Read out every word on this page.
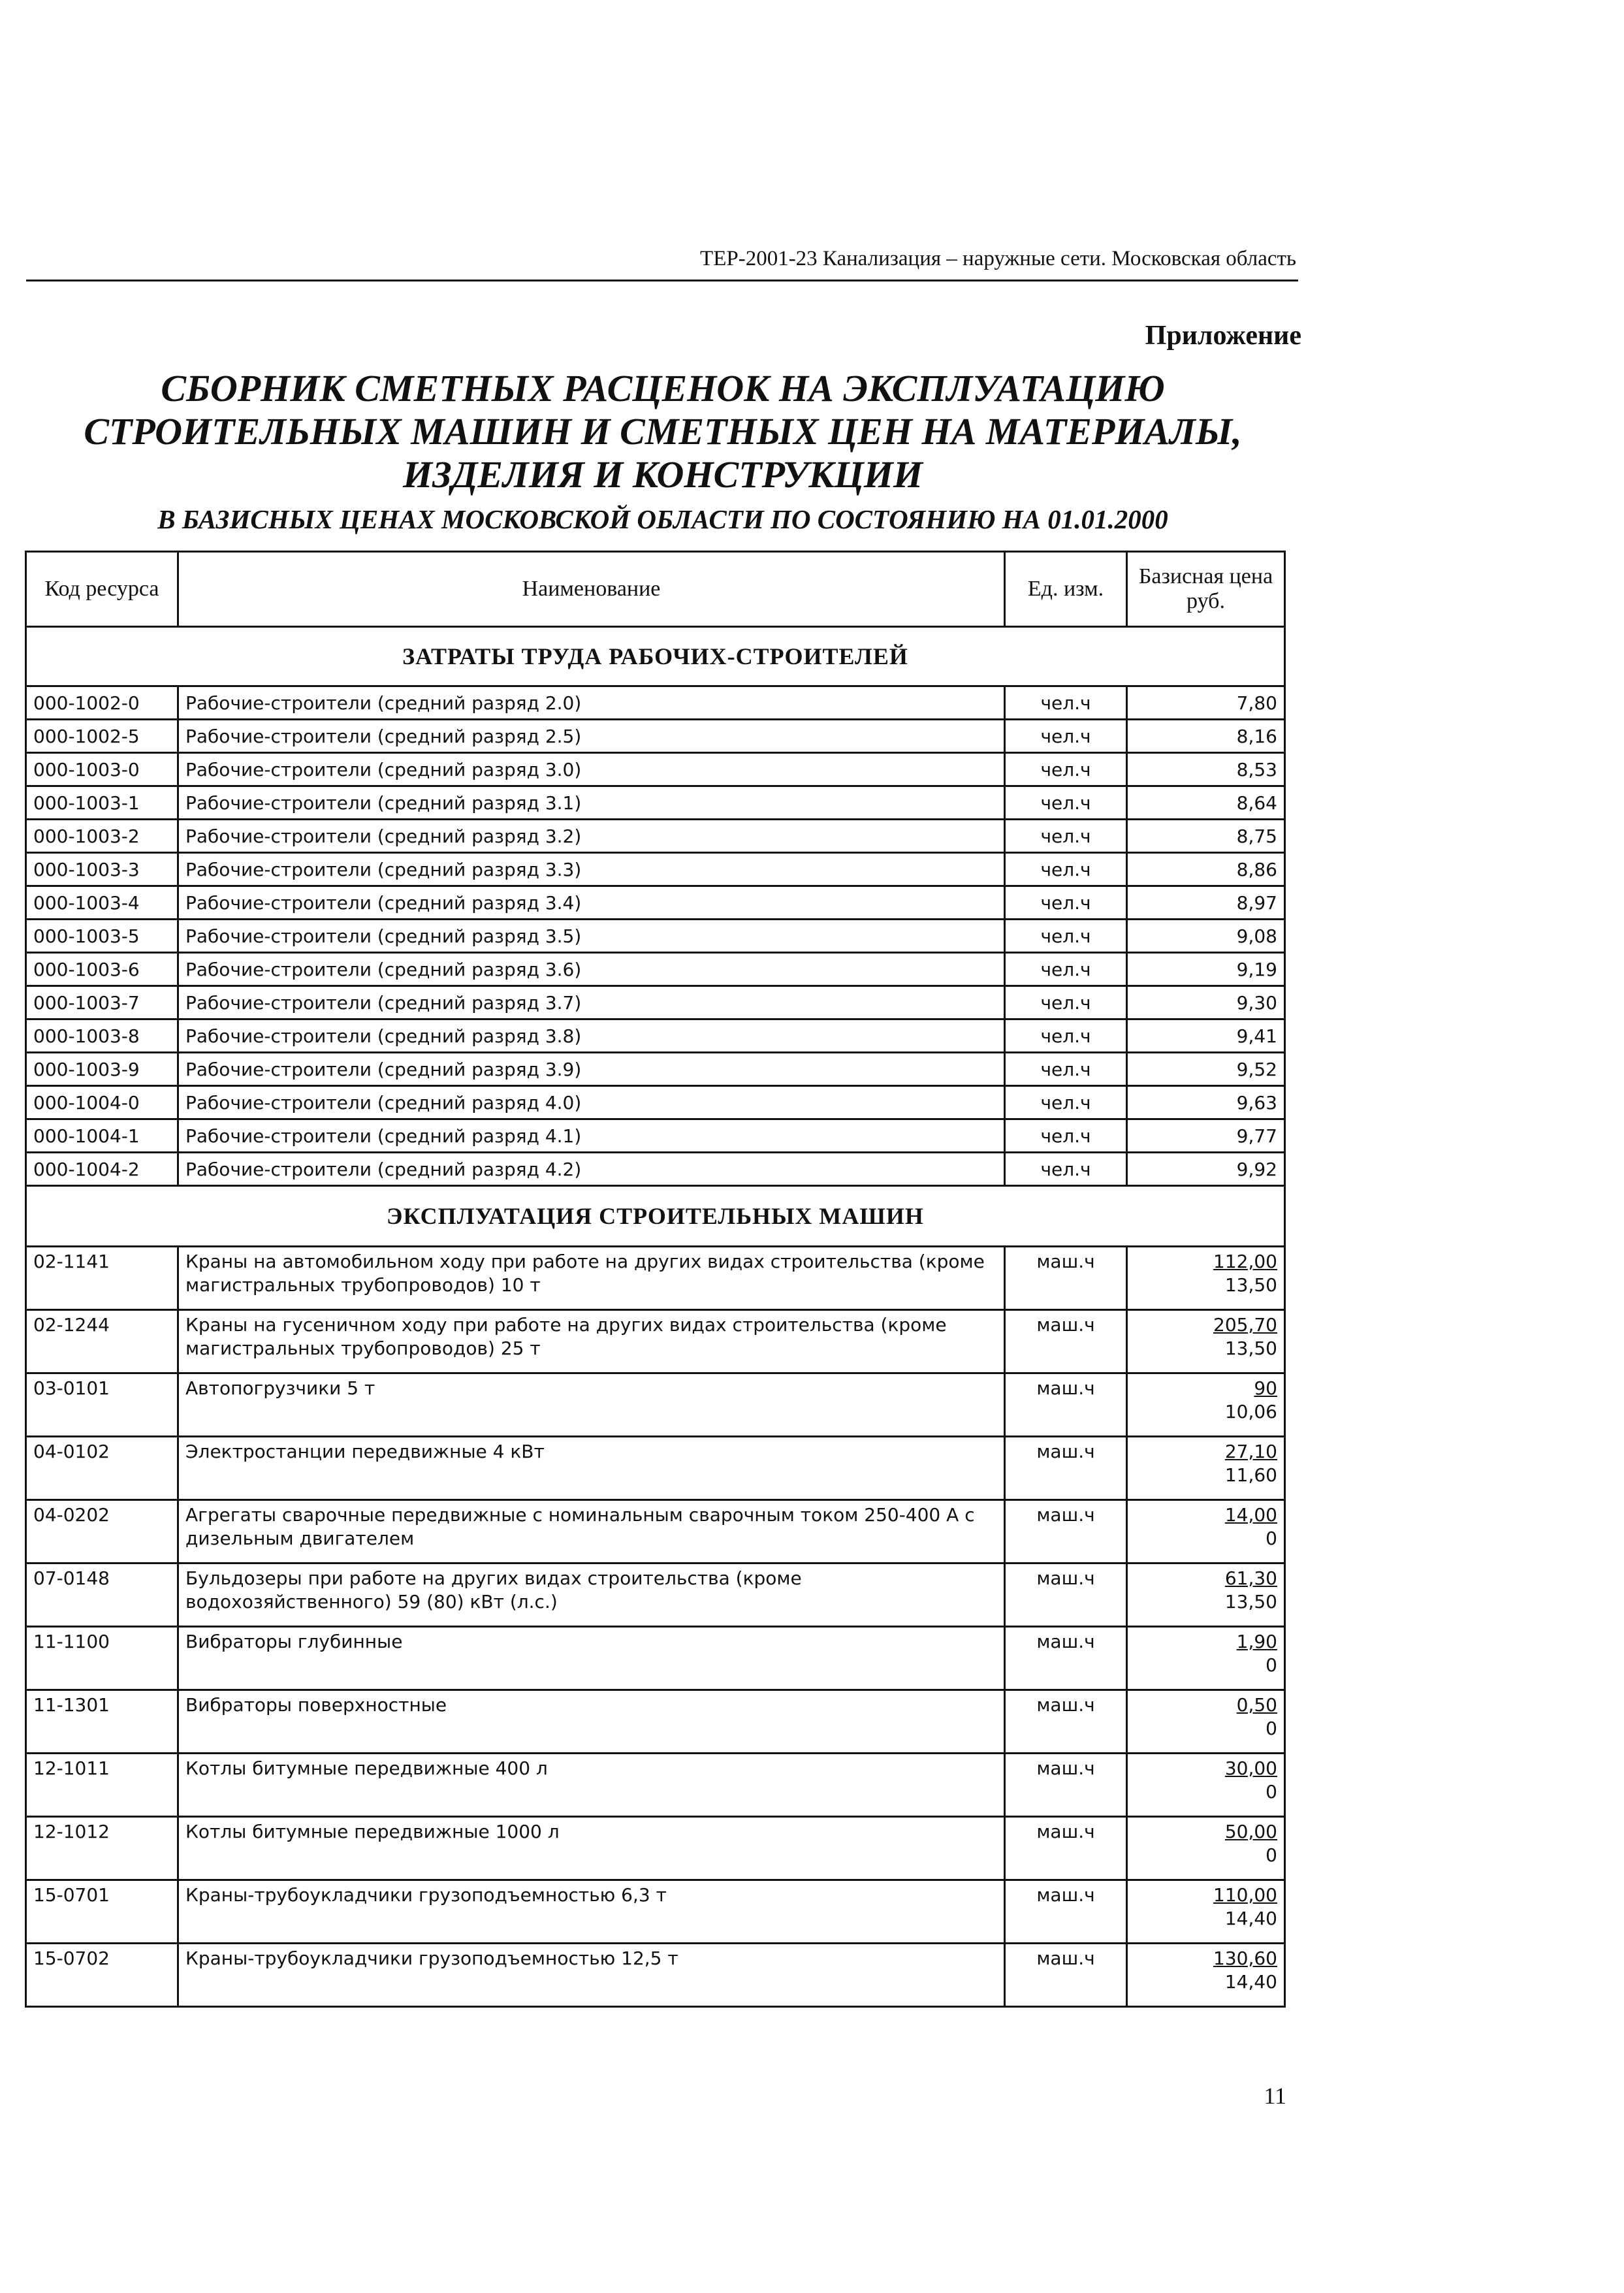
ТЕР-2001-23 Канализация – наружные сети. Московская область
Приложение
СБОРНИК СМЕТНЫХ РАСЦЕНОК НА ЭКСПЛУАТАЦИЮ
СТРОИТЕЛЬНЫХ МАШИН И СМЕТНЫХ ЦЕН НА МАТЕРИАЛЫ,
ИЗДЕЛИЯ И КОНСТРУКЦИИ
В БАЗИСНЫХ ЦЕНАХ МОСКОВСКОЙ ОБЛАСТИ ПО СОСТОЯНИЮ НА 01.01.2000
Код ресурса	Наименование	Ед. изм.	Базисная цена руб.
ЗАТРАТЫ ТРУДА РАБОЧИХ-СТРОИТЕЛЕЙ			
000-1002-0	Рабочие-строители (средний разряд 2.0)	чел.ч	7,80
000-1002-5	Рабочие-строители (средний разряд 2.5)	чел.ч	8,16
000-1003-0	Рабочие-строители (средний разряд 3.0)	чел.ч	8,53
000-1003-1	Рабочие-строители (средний разряд 3.1)	чел.ч	8,64
000-1003-2	Рабочие-строители (средний разряд 3.2)	чел.ч	8,75
000-1003-3	Рабочие-строители (средний разряд 3.3)	чел.ч	8,86
000-1003-4	Рабочие-строители (средний разряд 3.4)	чел.ч	8,97
000-1003-5	Рабочие-строители (средний разряд 3.5)	чел.ч	9,08
000-1003-6	Рабочие-строители (средний разряд 3.6)	чел.ч	9,19
000-1003-7	Рабочие-строители (средний разряд 3.7)	чел.ч	9,30
000-1003-8	Рабочие-строители (средний разряд 3.8)	чел.ч	9,41
000-1003-9	Рабочие-строители (средний разряд 3.9)	чел.ч	9,52
000-1004-0	Рабочие-строители (средний разряд 4.0)	чел.ч	9,63
000-1004-1	Рабочие-строители (средний разряд 4.1)	чел.ч	9,77
000-1004-2	Рабочие-строители (средний разряд 4.2)	чел.ч	9,92
ЭКСПЛУАТАЦИЯ СТРОИТЕЛЬНЫХ МАШИН			
02-1141	Краны на автомобильном ходу при работе на других видах строительства (кроме магистральных трубопроводов) 10 т	маш.ч	112,00
13,50

02-1244	Краны на гусеничном ходу при работе на других видах строительства (кроме магистральных трубопроводов) 25 т	маш.ч	205,70
13,50

03-0101	Автопогрузчики 5 т	маш.ч	90
10,06

04-0102	Электростанции передвижные 4 кВт	маш.ч	27,10
11,60

04-0202	Агрегаты сварочные передвижные с номинальным сварочным током 250-400 А с дизельным двигателем	маш.ч	14,00
0

07-0148	Бульдозеры при работе на других видах строительства (кроме водохозяйственного) 59 (80) кВт (л.с.)	маш.ч	61,30
13,50

11-1100	Вибраторы глубинные	маш.ч	1,90
0

11-1301	Вибраторы поверхностные	маш.ч	0,50
0

12-1011	Котлы битумные передвижные 400 л	маш.ч	30,00
0

12-1012	Котлы битумные передвижные 1000 л	маш.ч	50,00
0

15-0701	Краны-трубоукладчики грузоподъемностью 6,3 т	маш.ч	110,00
14,40

15-0702	Краны-трубоукладчики грузоподъемностью 12,5 т	маш.ч	130,60
14,40
11
